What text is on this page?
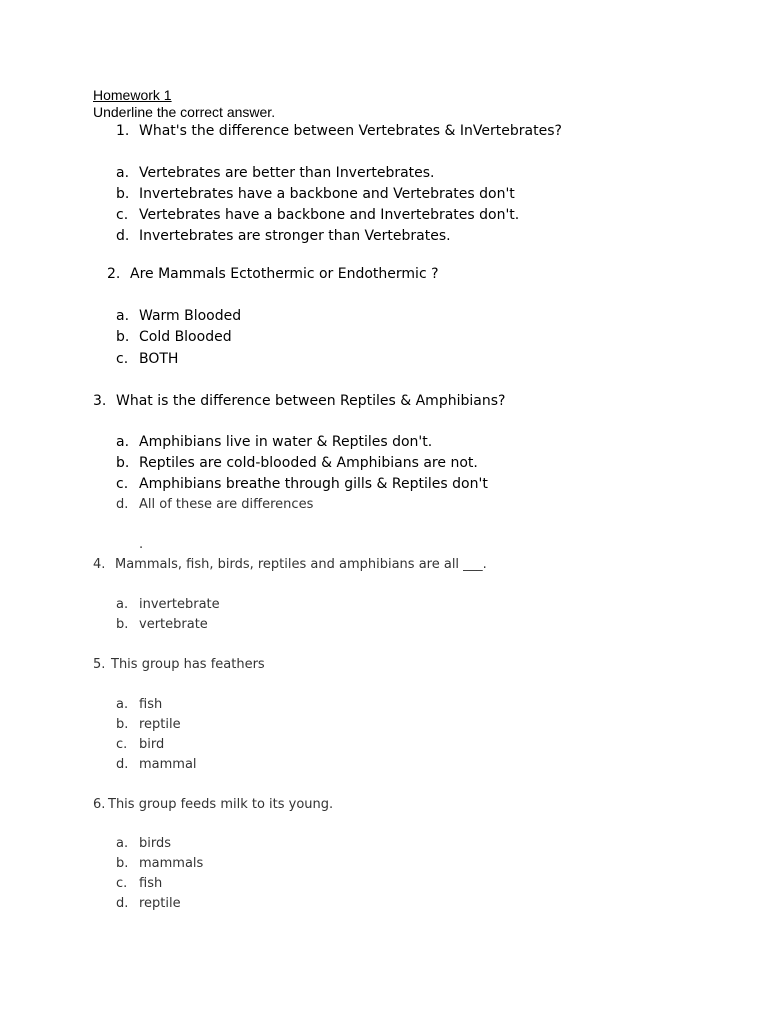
Homework 1
Underline the correct answer.
1. What's the difference between Vertebrates & InVertebrates?
a. Vertebrates are better than Invertebrates.
b. Invertebrates have a backbone and Vertebrates don't
c. Vertebrates have a backbone and Invertebrates don't.
d. Invertebrates are stronger than Vertebrates.
2. Are Mammals Ectothermic or Endothermic ?
a. Warm Blooded
b. Cold Blooded
c. BOTH
3. What is the difference between Reptiles & Amphibians?
a. Amphibians live in water & Reptiles don't.
b. Reptiles are cold-blooded & Amphibians are not.
c. Amphibians breathe through gills & Reptiles don't
d. All of these are differences
.
4. Mammals, fish, birds, reptiles and amphibians are all ___.
a. invertebrate
b. vertebrate
5. This group has feathers
a. fish
b. reptile
c. bird
d. mammal
6. This group feeds milk to its young.
a. birds
b. mammals
c. fish
d. reptile
